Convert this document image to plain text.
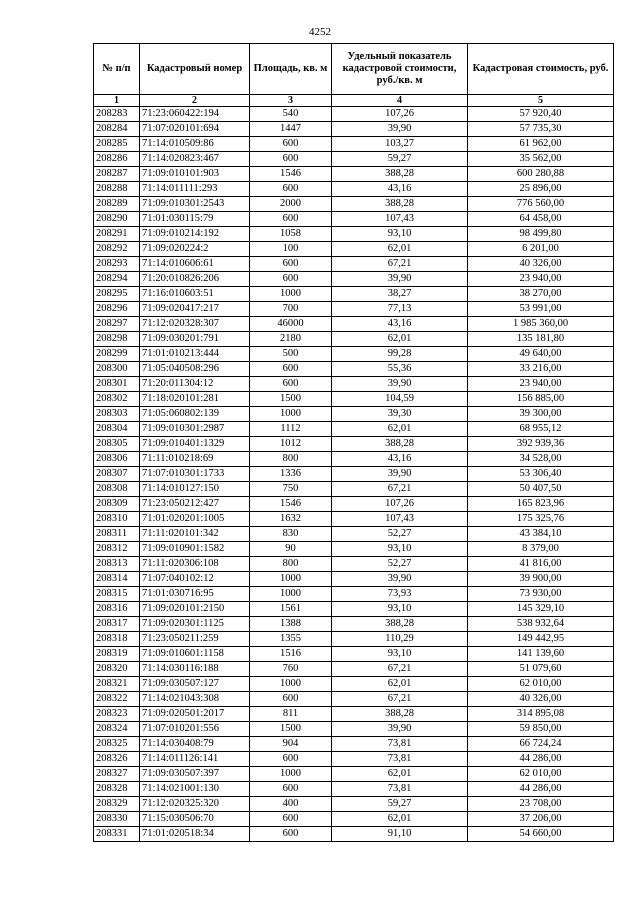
4252
№ п/п	Кадастровый номер	Площадь, кв. м	Удельный показатель кадастровой стоимости, руб./кв. м	Кадастровая стоимость, руб.
1	2	3	4	5
208283	71:23:060422:194	540	107,26	57 920,40
208284	71:07:020101:694	1447	39,90	57 735,30
208285	71:14:010509:86	600	103,27	61 962,00
208286	71:14:020823:467	600	59,27	35 562,00
208287	71:09:010101:903	1546	388,28	600 280,88
208288	71:14:011111:293	600	43,16	25 896,00
208289	71:09:010301:2543	2000	388,28	776 560,00
208290	71:01:030115:79	600	107,43	64 458,00
208291	71:09:010214:192	1058	93,10	98 499,80
208292	71:09:020224:2	100	62,01	6 201,00
208293	71:14:010606:61	600	67,21	40 326,00
208294	71:20:010826:206	600	39,90	23 940,00
208295	71:16:010603:51	1000	38,27	38 270,00
208296	71:09:020417:217	700	77,13	53 991,00
208297	71:12:020328:307	46000	43,16	1 985 360,00
208298	71:09:030201:791	2180	62,01	135 181,80
208299	71:01:010213:444	500	99,28	49 640,00
208300	71:05:040508:296	600	55,36	33 216,00
208301	71:20:011304:12	600	39,90	23 940,00
208302	71:18:020101:281	1500	104,59	156 885,00
208303	71:05:060802:139	1000	39,30	39 300,00
208304	71:09:010301:2987	1112	62,01	68 955,12
208305	71:09:010401:1329	1012	388,28	392 939,36
208306	71:11:010218:69	800	43,16	34 528,00
208307	71:07:010301:1733	1336	39,90	53 306,40
208308	71:14:010127:150	750	67,21	50 407,50
208309	71:23:050212:427	1546	107,26	165 823,96
208310	71:01:020201:1005	1632	107,43	175 325,76
208311	71:11:020101:342	830	52,27	43 384,10
208312	71:09:010901:1582	90	93,10	8 379,00
208313	71:11:020306:108	800	52,27	41 816,00
208314	71:07:040102:12	1000	39,90	39 900,00
208315	71:01:030716:95	1000	73,93	73 930,00
208316	71:09:020101:2150	1561	93,10	145 329,10
208317	71:09:020301:1125	1388	388,28	538 932,64
208318	71:23:050211:259	1355	110,29	149 442,95
208319	71:09:010601:1158	1516	93,10	141 139,60
208320	71:14:030116:188	760	67,21	51 079,60
208321	71:09:030507:127	1000	62,01	62 010,00
208322	71:14:021043:308	600	67,21	40 326,00
208323	71:09:020501:2017	811	388,28	314 895,08
208324	71:07:010201:556	1500	39,90	59 850,00
208325	71:14:030408:79	904	73,81	66 724,24
208326	71:14:011126:141	600	73,81	44 286,00
208327	71:09:030507:397	1000	62,01	62 010,00
208328	71:14:021001:130	600	73,81	44 286,00
208329	71:12:020325:320	400	59,27	23 708,00
208330	71:15:030506:70	600	62,01	37 206,00
208331	71:01:020518:34	600	91,10	54 660,00
